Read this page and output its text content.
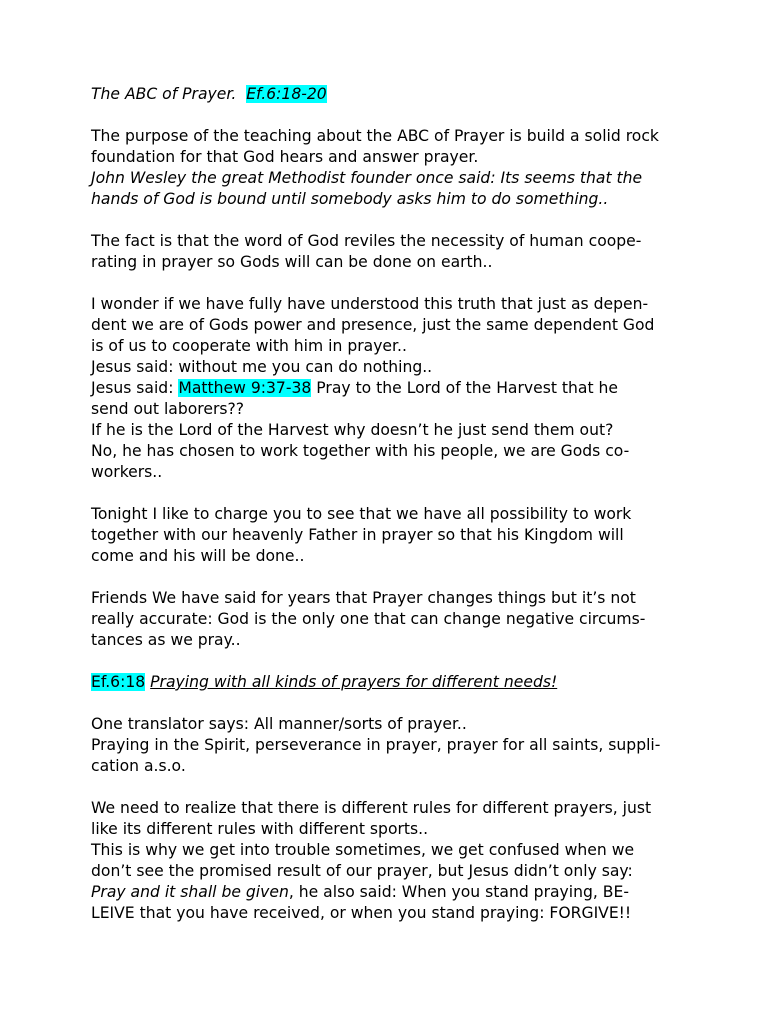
The ABC of Prayer.  Ef.6:18-20
The purpose of the teaching about the ABC of Prayer is build a solid rock
foundation for that God hears and answer prayer.
John Wesley the great Methodist founder once said: Its seems that the
hands of God is bound until somebody asks him to do something..
The fact is that the word of God reviles the necessity of human coope-
rating in prayer so Gods will can be done on earth..
I wonder if we have fully have understood this truth that just as depen-
dent we are of Gods power and presence, just the same dependent God
is of us to cooperate with him in prayer..
Jesus said: without me you can do nothing..
Jesus said: Matthew 9:37-38 Pray to the Lord of the Harvest that he
send out laborers??
If he is the Lord of the Harvest why doesn’t he just send them out?
No, he has chosen to work together with his people, we are Gods co-
workers..
Tonight I like to charge you to see that we have all possibility to work
together with our heavenly Father in prayer so that his Kingdom will
come and his will be done..
Friends We have said for years that Prayer changes things but it’s not
really accurate: God is the only one that can change negative circums-
tances as we pray..
Ef.6:18 Praying with all kinds of prayers for different needs!
One translator says: All manner/sorts of prayer..
Praying in the Spirit, perseverance in prayer, prayer for all saints, suppli-
cation a.s.o.
We need to realize that there is different rules for different prayers, just
like its different rules with different sports..
This is why we get into trouble sometimes, we get confused when we
don’t see the promised result of our prayer, but Jesus didn’t only say:
Pray and it shall be given, he also said: When you stand praying, BE-
LEIVE that you have received, or when you stand praying: FORGIVE!!
